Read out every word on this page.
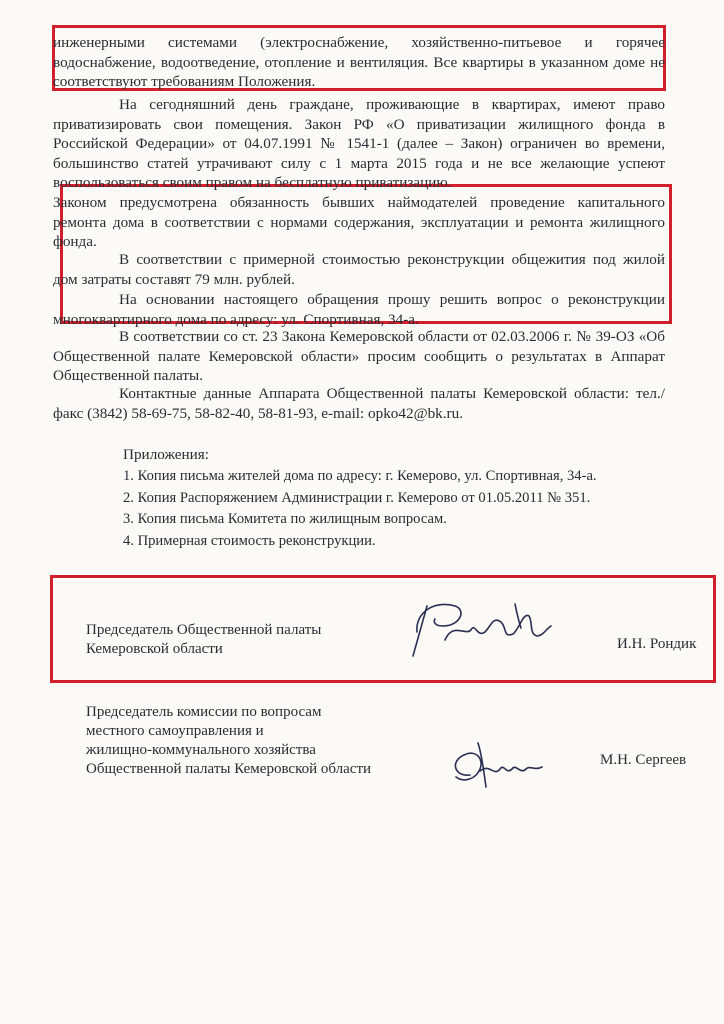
инженерными системами (электроснабжение, хозяйственно-питьевое и горячее водоснабжение, водоотведение, отопление и вентиляция. Все квартиры в указанном доме не соответствуют требованиям Положения.

На сегодняшний день граждане, проживающие в квартирах, имеют право приватизировать свои помещения. Закон РФ «О приватизации жилищного фонда в Российской Федерации» от 04.07.1991 № 1541-1 (далее – Закон) ограничен во времени, большинство статей утрачивают силу с 1 марта 2015 года и не все желающие успеют воспользоваться своим правом на бесплатную приватизацию.

Законом предусмотрена обязанность бывших наймодателей проведение капитального ремонта дома в соответствии с нормами содержания, эксплуатации и ремонта жилищного фонда.

В соответствии с примерной стоимостью реконструкции общежития под жилой дом затраты составят 79 млн. рублей.

На основании настоящего обращения прошу решить вопрос о реконструкции многоквартирного дома по адресу: ул. Спортивная, 34-а.

В соответствии со ст. 23 Закона Кемеровской области от 02.03.2006 г. № 39-ОЗ «Об Общественной палате Кемеровской области» просим сообщить о результатах в Аппарат Общественной палаты.

Контактные данные Аппарата Общественной палаты Кемеровской области: тел./факс (3842) 58-69-75, 58-82-40, 58-81-93, e-mail: opko42@bk.ru.

Приложения:
1. Копия письма жителей дома по адресу: г. Кемерово, ул. Спортивная, 34-а.
2. Копия Распоряжением Администрации г. Кемерово от 01.05.2011 № 351.
3. Копия письма Комитета по жилищным вопросам.
4. Примерная стоимость реконструкции.
Председатель Общественной палаты
Кемеровской области	И.Н. Рондик
Председатель комиссии по вопросам
местного самоуправления и
жилищно-коммунального хозяйства
Общественной палаты Кемеровской области
М.Н. Сергеев
